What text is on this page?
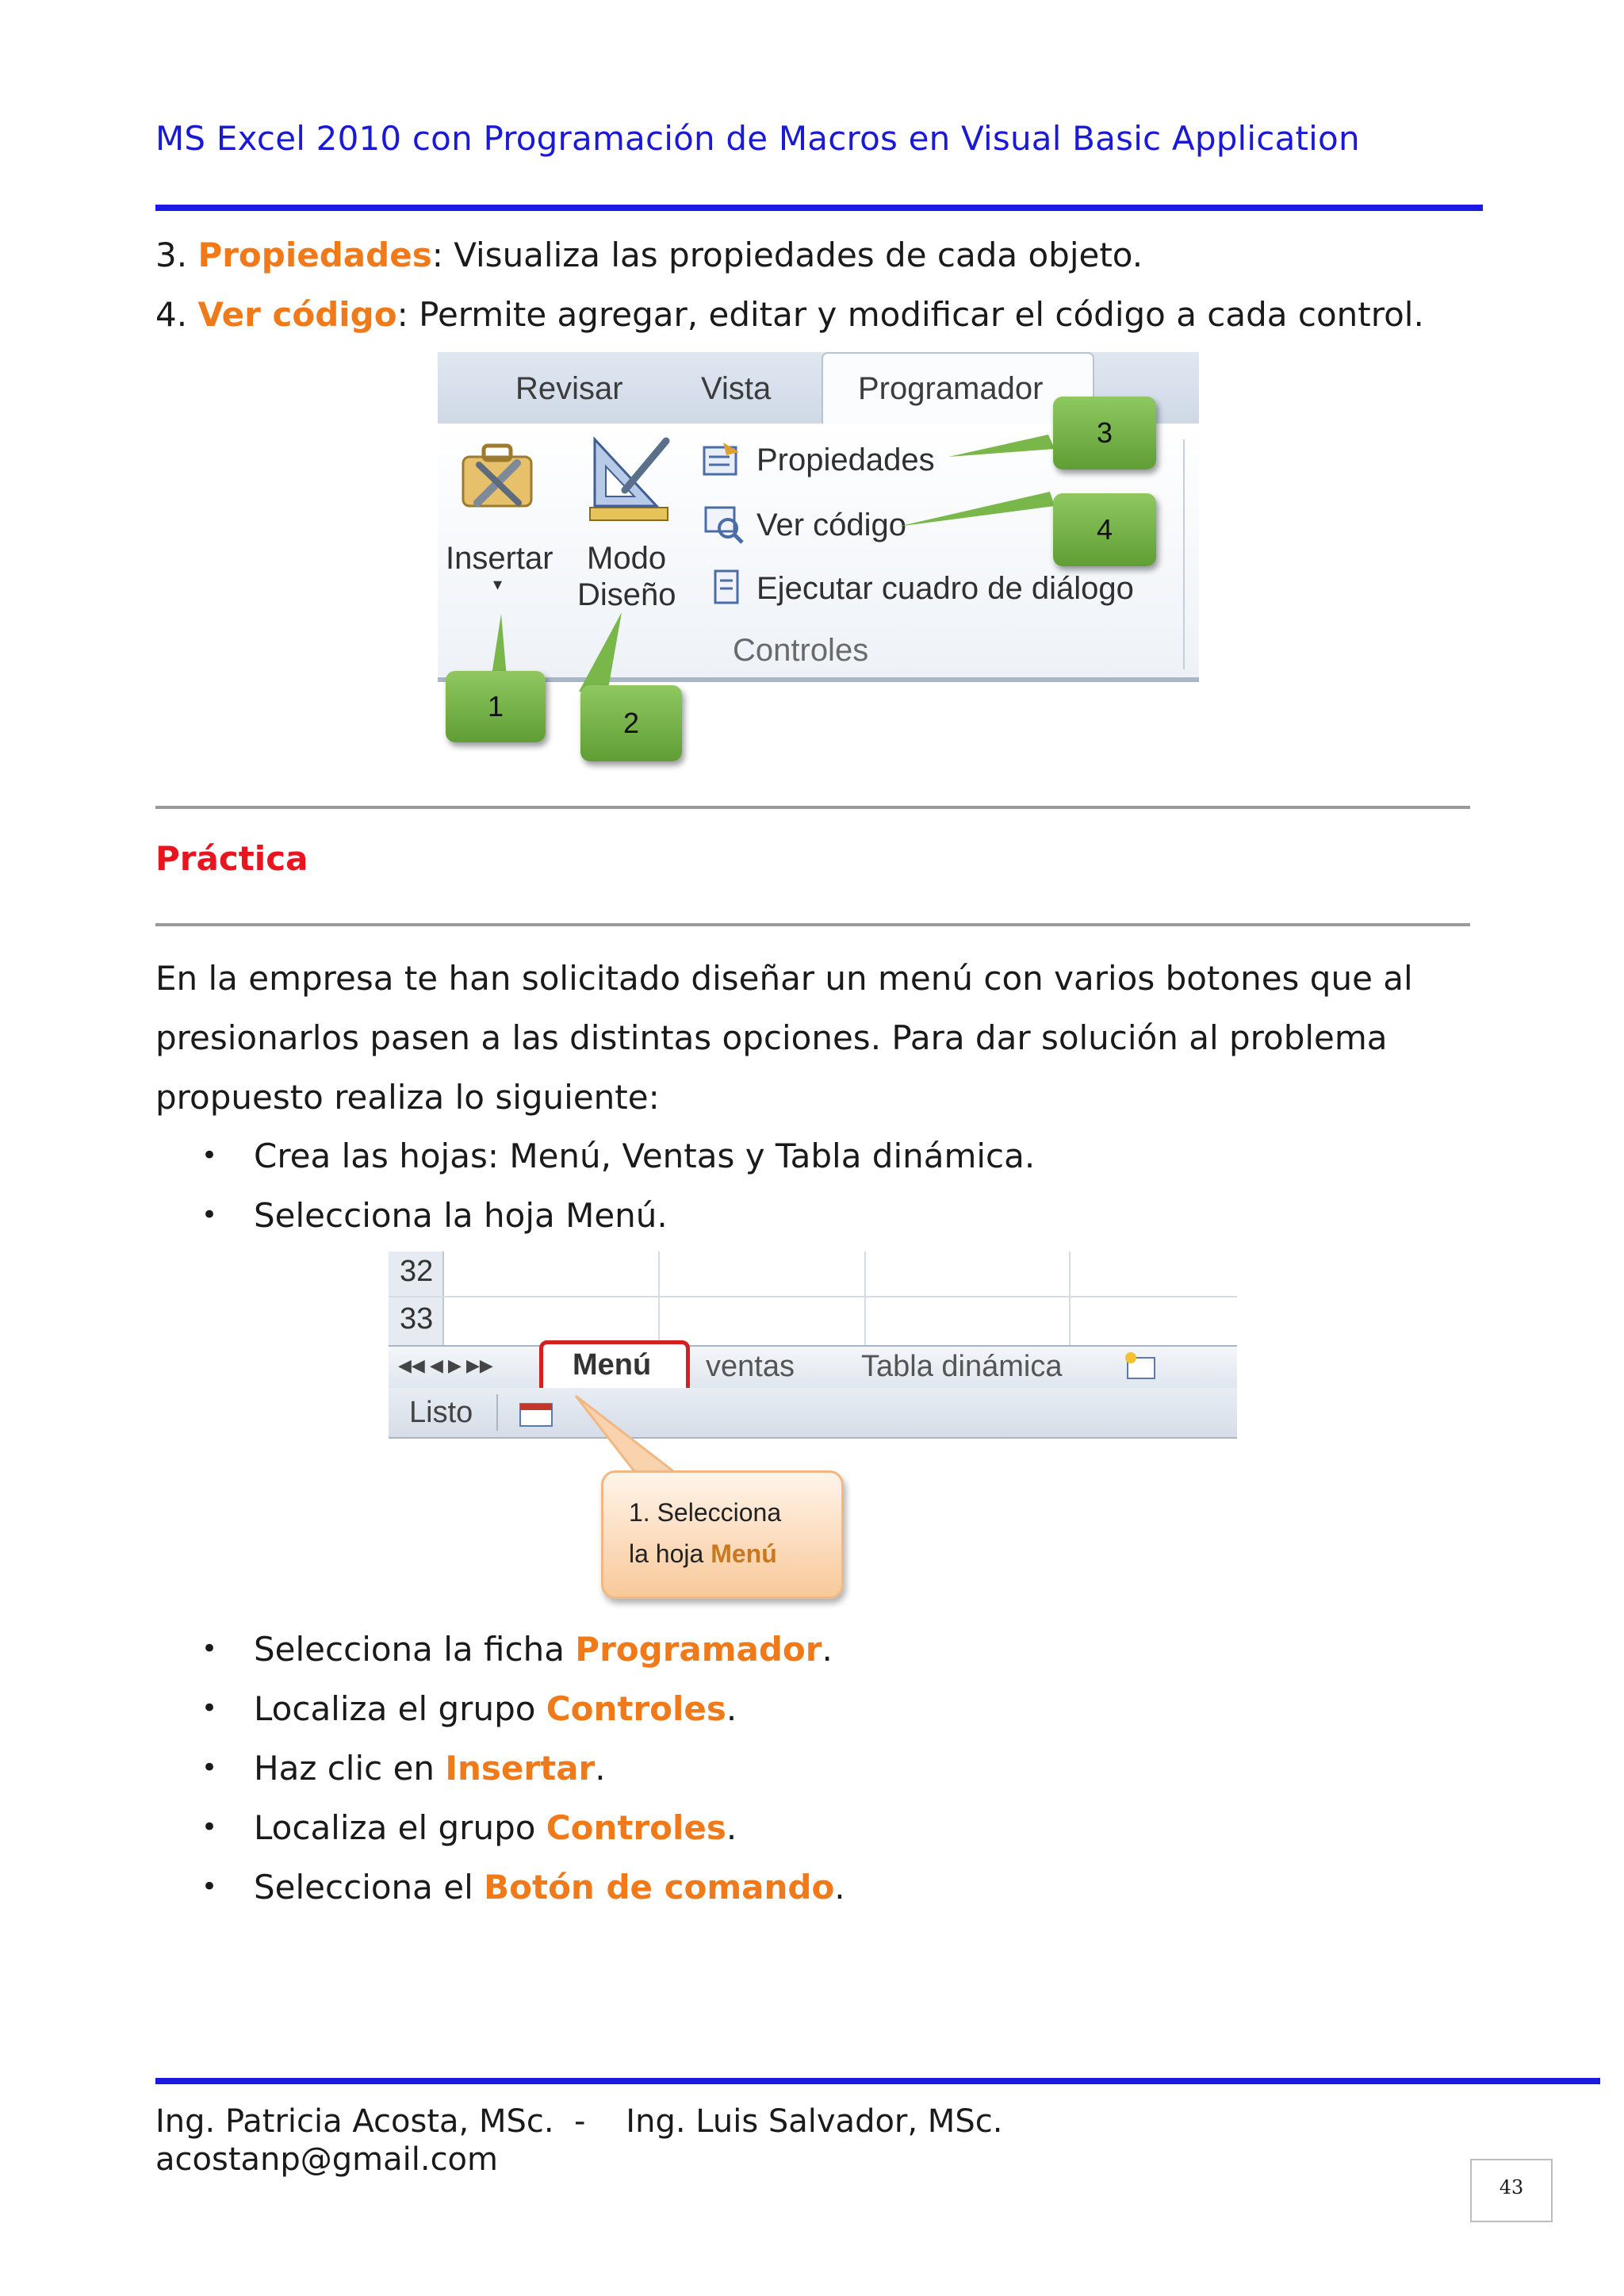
MS Excel 2010 con Programación de Macros en Visual Basic Application
3. Propiedades: Visualiza las propiedades de cada objeto.
4. Ver código: Permite agregar, editar y modificar el código a cada control.
Revisar Vista	Programador
Insertar
▾
Modo
Diseño
Propiedades
Ver código
Ejecutar cuadro de diálogo
Controles
3
4
1
2
Práctica
En la empresa te han solicitado diseñar un menú con varios botones que al
presionarlos pasen a las distintas opciones. Para dar solución al problema
propuesto realiza lo siguiente:
• Crea las hojas: Menú, Ventas y Tabla dinámica.
• Selecciona la hoja Menú.
32
33
◀◀ ◀ ▶ ▶▶	Menú ventas Tabla dinámica
Listo
1. Selecciona
la hoja Menú
• Selecciona la ficha Programador.
• Localiza el grupo Controles.
• Haz clic en Insertar.
• Localiza el grupo Controles.
• Selecciona el Botón de comando.
Ing. Patricia Acosta, MSc.  -    Ing. Luis Salvador, MSc.
acostanp@gmail.com
43
